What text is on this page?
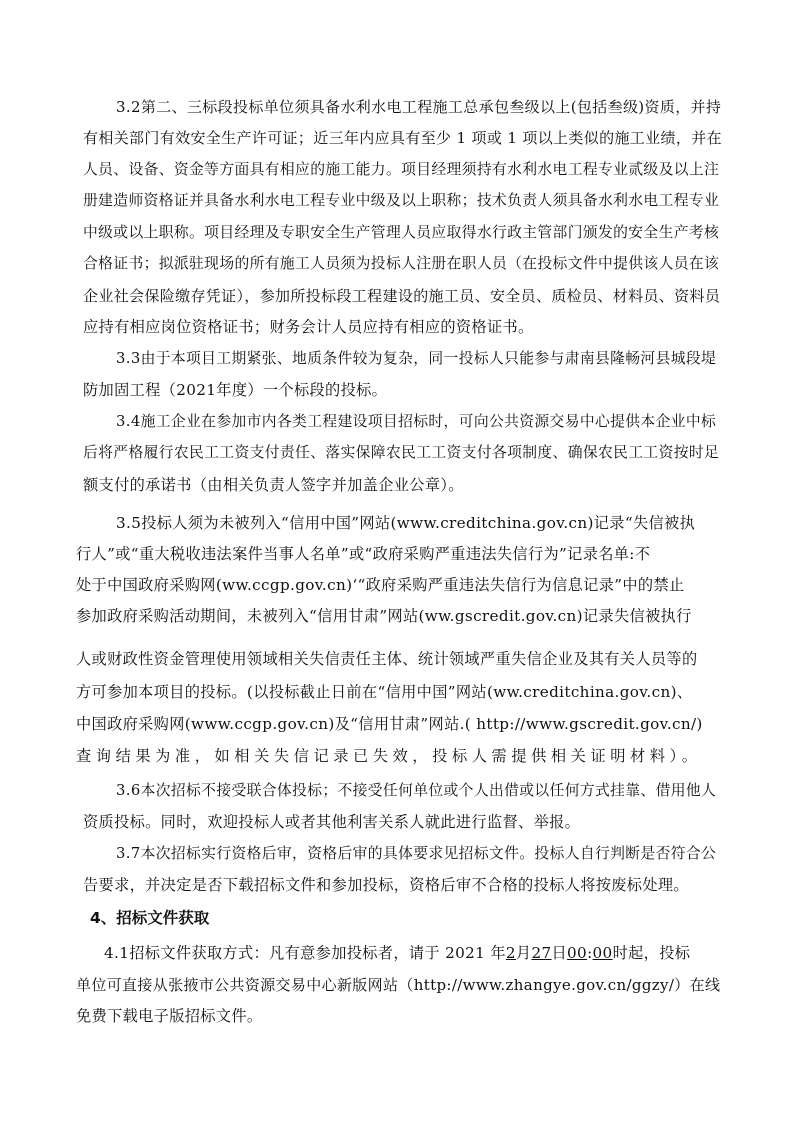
3.2第二、三标段投标单位须具备水利水电工程施工总承包叁级以上(包括叁级)资质，并持
有相关部门有效安全生产许可证；近三年内应具有至少 1 项或 1 项以上类似的施工业绩，并在
人员、设备、资金等方面具有相应的施工能力。项目经理须持有水利水电工程专业贰级及以上注
册建造师资格证并具备水利水电工程专业中级及以上职称；技术负责人须具备水利水电工程专业
中级或以上职称。项目经理及专职安全生产管理人员应取得水行政主管部门颁发的安全生产考核
合格证书；拟派驻现场的所有施工人员须为投标人注册在职人员（在投标文件中提供该人员在该
企业社会保险缴存凭证），参加所投标段工程建设的施工员、安全员、质检员、材料员、资料员
应持有相应岗位资格证书；财务会计人员应持有相应的资格证书。
3.3由于本项目工期紧张、地质条件较为复杂，同一投标人只能参与肃南县隆畅河县城段堤
防加固工程（2021年度）一个标段的投标。
3.4施工企业在参加市内各类工程建设项目招标时，可向公共资源交易中心提供本企业中标
后将严格履行农民工工资支付责任、落实保障农民工工资支付各项制度、确保农民工工资按时足
额支付的承诺书（由相关负责人签字并加盖企业公章）。
3.5投标人须为未被列入“信用中国”网站(www.creditchina.gov.cn)记录“失信被执
行人”或“重大税收违法案件当事人名单”或“政府采购严重违法失信行为”记录名单:不
处于中国政府采购网(ww.ccgp.gov.cn)‘“政府采购严重违法失信行为信息记录”中的禁止
参加政府采购活动期间，未被列入“信用甘肃”网站(ww.gscredit.gov.cn)记录失信被执行
人或财政性资金管理使用领域相关失信责任主体、统计领域严重失信企业及其有关人员等的
方可参加本项目的投标。(以投标截止日前在“信用中国”网站(ww.creditchina.gov.cn)、
中国政府采购网(www.ccgp.gov.cn)及“信用甘肃”网站.( http://www.gscredit.gov.cn/)
查询结果为准，如相关失信记录已失效，投标人需提供相关证明材料）。
3.6本次招标不接受联合体投标；不接受任何单位或个人出借或以任何方式挂靠、借用他人
资质投标。同时，欢迎投标人或者其他利害关系人就此进行监督、举报。
3.7本次招标实行资格后审，资格后审的具体要求见招标文件。投标人自行判断是否符合公
告要求，并决定是否下载招标文件和参加投标，资格后审不合格的投标人将按废标处理。
4、招标文件获取
4.1招标文件获取方式：凡有意参加投标者，请于 2021 年2月27日00:00时起，投标
单位可直接从张掖市公共资源交易中心新版网站（http://www.zhangye.gov.cn/ggzy/）在线
免费下载电子版招标文件。
